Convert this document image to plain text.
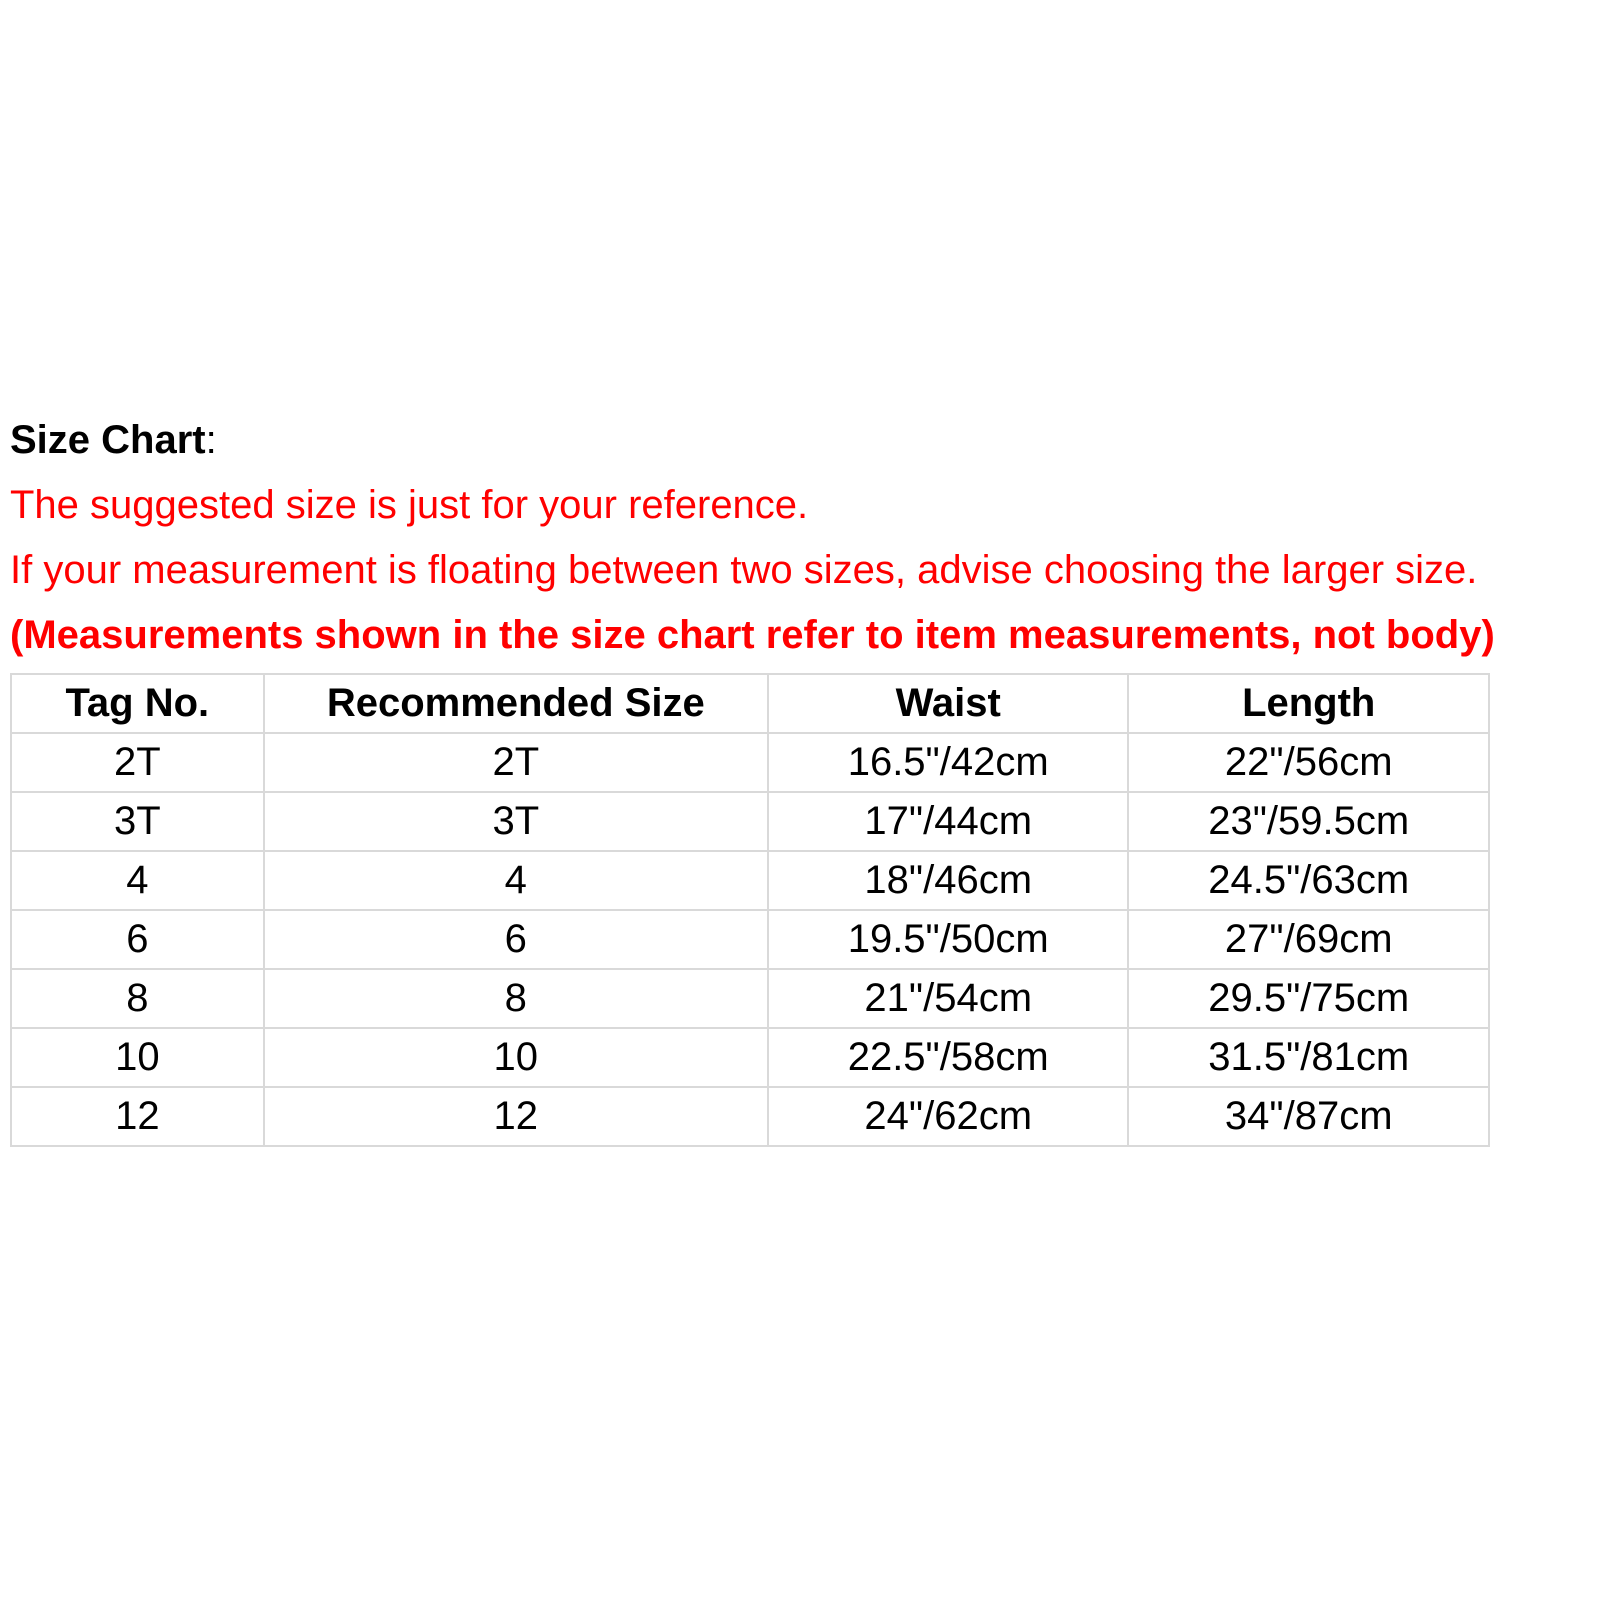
Size Chart:
The suggested size is just for your reference.
If your measurement is floating between two sizes, advise choosing the larger size.
(Measurements shown in the size chart refer to item measurements, not body)
Tag No.	Recommended Size	Waist	Length
2T	2T	16.5"/42cm	22"/56cm
3T	3T	17"/44cm	23"/59.5cm
4	4	18"/46cm	24.5"/63cm
6	6	19.5"/50cm	27"/69cm
8	8	21"/54cm	29.5"/75cm
10	10	22.5"/58cm	31.5"/81cm
12	12	24"/62cm	34"/87cm
